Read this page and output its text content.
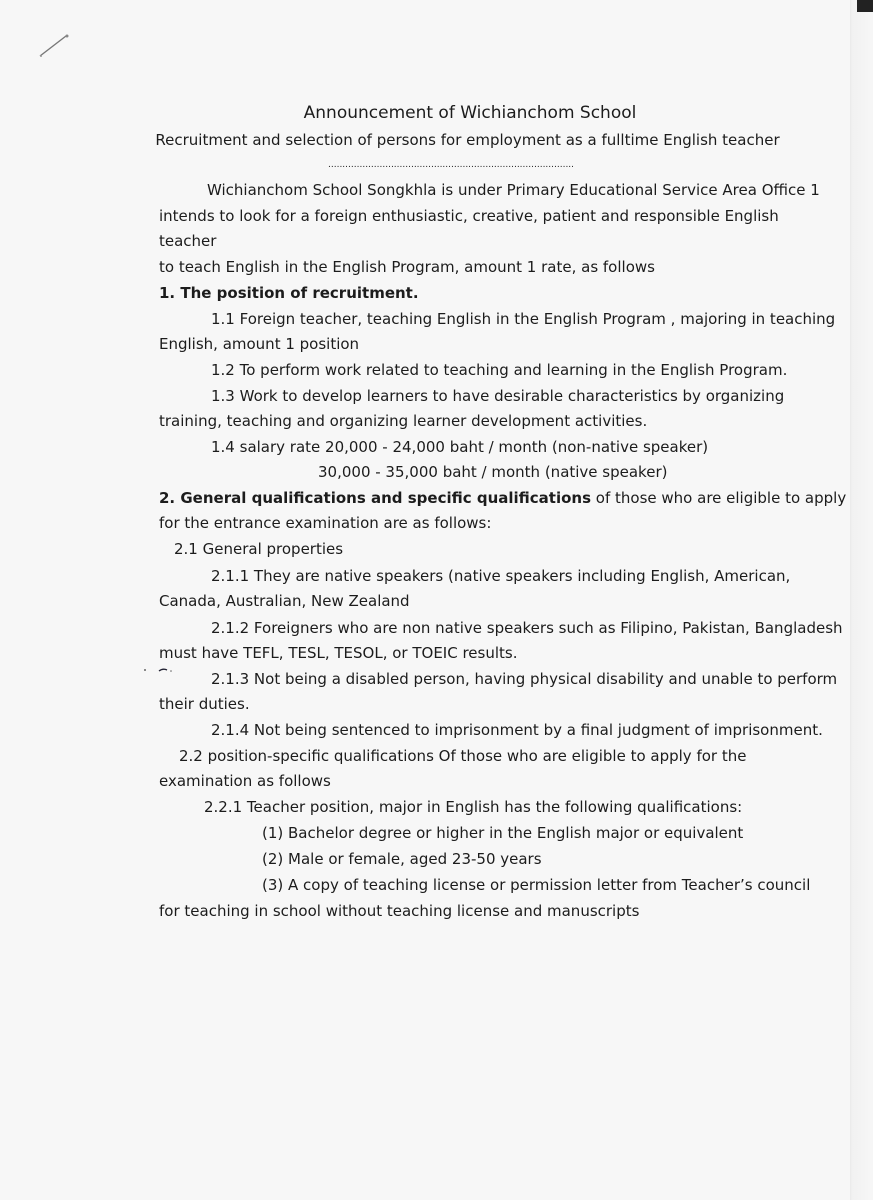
Announcement of Wichianchom School
Recruitment and selection of persons for employment as a fulltime English teacher
......................................................................................
Wichianchom School Songkhla is under Primary Educational Service Area Office 1
intends to look for a foreign enthusiastic, creative, patient and responsible English
teacher
to teach English in the English Program, amount 1 rate, as follows
1. The position of recruitment.
1.1 Foreign teacher, teaching English in the English Program , majoring in teaching
English, amount 1 position
1.2 To perform work related to teaching and learning in the English Program.
1.3 Work to develop learners to have desirable characteristics by organizing
training, teaching and organizing learner development activities.
1.4 salary rate 20,000 - 24,000 baht / month (non-native speaker)
30,000 - 35,000 baht / month (native speaker)
2. General qualifications and specific qualifications of those who are eligible to apply
for the entrance examination are as follows:
2.1 General properties
2.1.1 They are native speakers (native speakers including English, American,
Canada, Australian, New Zealand
2.1.2 Foreigners who are non native speakers such as Filipino, Pakistan, Bangladesh
must have TEFL, TESL, TESOL, or TOEIC results.
2.1.3 Not being a disabled person, having physical disability and unable to perform
their duties.
2.1.4 Not being sentenced to imprisonment by a final judgment of imprisonment.
2.2 position-specific qualifications Of those who are eligible to apply for the
examination as follows
2.2.1 Teacher position, major in English has the following qualifications:
(1) Bachelor degree or higher in the English major or equivalent
(2) Male or female, aged 23-50 years
(3) A copy of teaching license or permission letter from Teacher’s council
for teaching in school without teaching license and manuscripts
